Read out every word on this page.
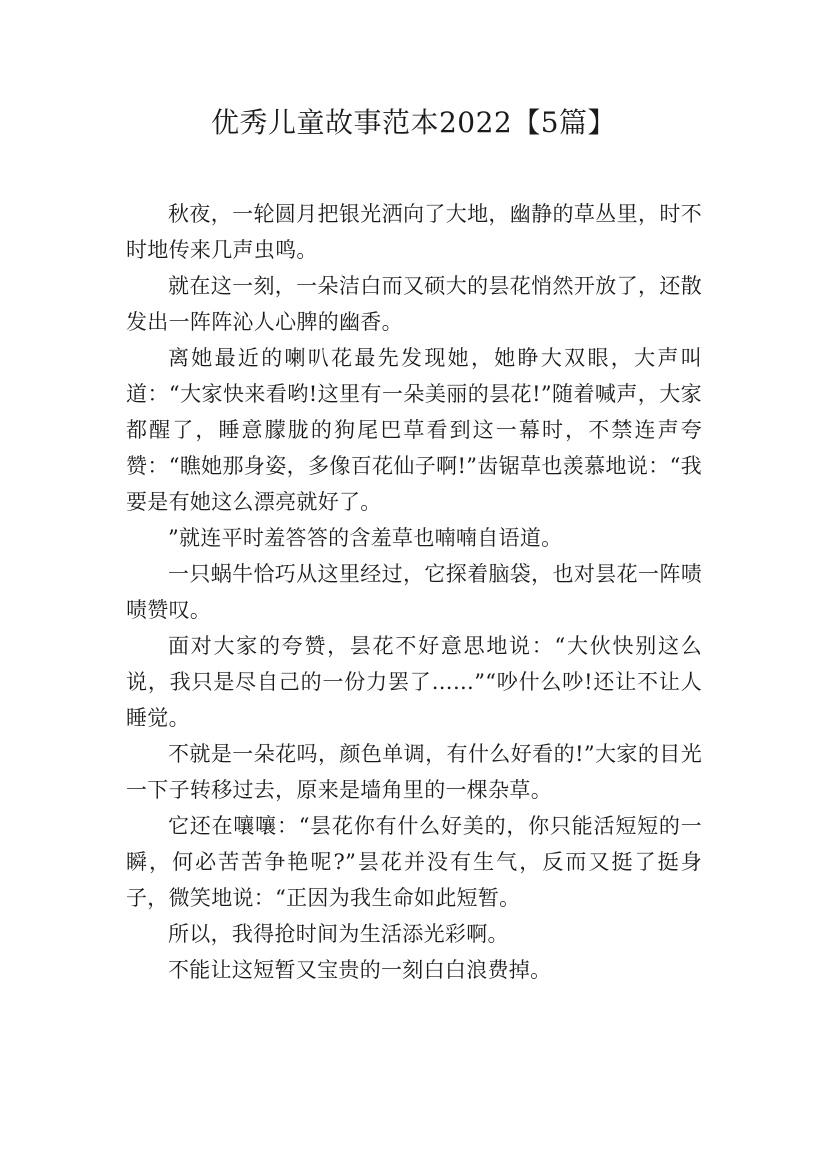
优秀儿童故事范本2022【5篇】

秋夜，一轮圆月把银光洒向了大地，幽静的草丛里，时不时地传来几声虫鸣。

就在这一刻，一朵洁白而又硕大的昙花悄然开放了，还散发出一阵阵沁人心脾的幽香。

离她最近的喇叭花最先发现她，她睁大双眼，大声叫道：“大家快来看哟!这里有一朵美丽的昙花!”随着喊声，大家都醒了，睡意朦胧的狗尾巴草看到这一幕时，不禁连声夸赞：“瞧她那身姿，多像百花仙子啊!”齿锯草也羡慕地说：“我要是有她这么漂亮就好了。

”就连平时羞答答的含羞草也喃喃自语道。

一只蜗牛恰巧从这里经过，它探着脑袋，也对昙花一阵啧啧赞叹。

面对大家的夸赞，昙花不好意思地说：“大伙快别这么说，我只是尽自己的一份力罢了……”“吵什么吵!还让不让人睡觉。

不就是一朵花吗，颜色单调，有什么好看的!”大家的目光一下子转移过去，原来是墙角里的一棵杂草。

它还在嚷嚷：“昙花你有什么好美的，你只能活短短的一瞬，何必苦苦争艳呢?”昙花并没有生气，反而又挺了挺身子，微笑地说：“正因为我生命如此短暂。

所以，我得抢时间为生活添光彩啊。

不能让这短暂又宝贵的一刻白白浪费掉。
